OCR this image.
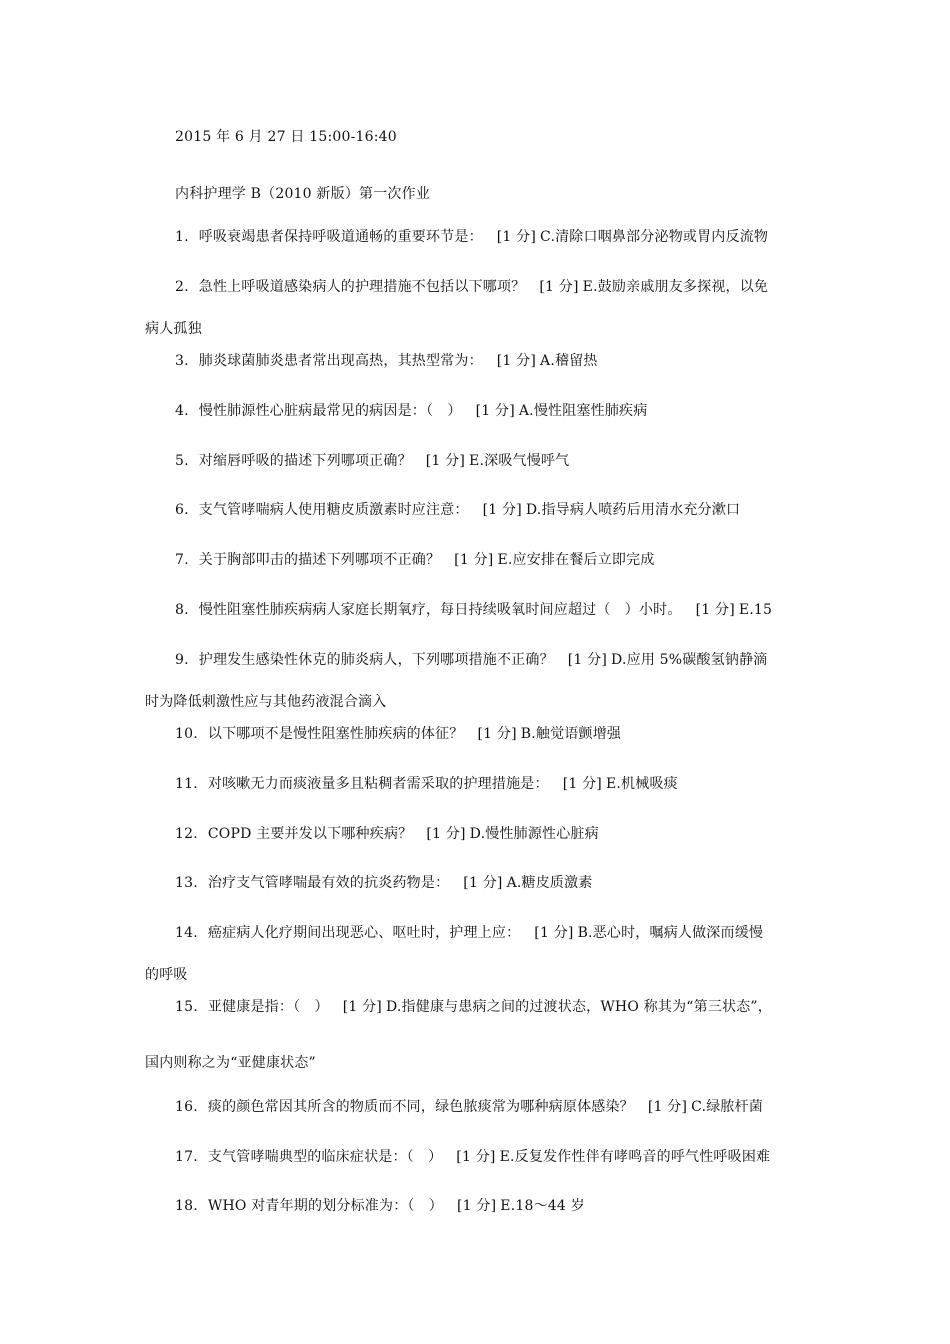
2015 年 6 月 27 日 15:00-16:40
内科护理学 B（2010 新版）第一次作业
1. 呼吸衰竭患者保持呼吸道通畅的重要环节是： [1 分] C.清除口咽鼻部分泌物或胃内反流物
2. 急性上呼吸道感染病人的护理措施不包括以下哪项？ [1 分] E.鼓励亲戚朋友多探视，以免
病人孤独
3. 肺炎球菌肺炎患者常出现高热，其热型常为： [1 分] A.稽留热
4. 慢性肺源性心脏病最常见的病因是：（　） [1 分] A.慢性阻塞性肺疾病
5. 对缩唇呼吸的描述下列哪项正确？ [1 分] E.深吸气慢呼气
6. 支气管哮喘病人使用糖皮质激素时应注意： [1 分] D.指导病人喷药后用清水充分漱口
7. 关于胸部叩击的描述下列哪项不正确？ [1 分] E.应安排在餐后立即完成
8. 慢性阻塞性肺疾病病人家庭长期氧疗，每日持续吸氧时间应超过（　）小时。 [1 分] E.15
9. 护理发生感染性休克的肺炎病人，下列哪项措施不正确？ [1 分] D.应用 5%碳酸氢钠静滴
时为降低刺激性应与其他药液混合滴入
10. 以下哪项不是慢性阻塞性肺疾病的体征？ [1 分] B.触觉语颤增强
11. 对咳嗽无力而痰液量多且粘稠者需采取的护理措施是： [1 分] E.机械吸痰
12. COPD 主要并发以下哪种疾病？ [1 分] D.慢性肺源性心脏病
13. 治疗支气管哮喘最有效的抗炎药物是： [1 分] A.糖皮质激素
14. 癌症病人化疗期间出现恶心、呕吐时，护理上应： [1 分] B.恶心时，嘱病人做深而缓慢
的呼吸
15. 亚健康是指：（　） [1 分] D.指健康与患病之间的过渡状态，WHO 称其为“第三状态”，
国内则称之为“亚健康状态”
16. 痰的颜色常因其所含的物质而不同，绿色脓痰常为哪种病原体感染？ [1 分] C.绿脓杆菌
17. 支气管哮喘典型的临床症状是：（　） [1 分] E.反复发作性伴有哮鸣音的呼气性呼吸困难
18. WHO 对青年期的划分标准为：（　） [1 分] E.18～44 岁
